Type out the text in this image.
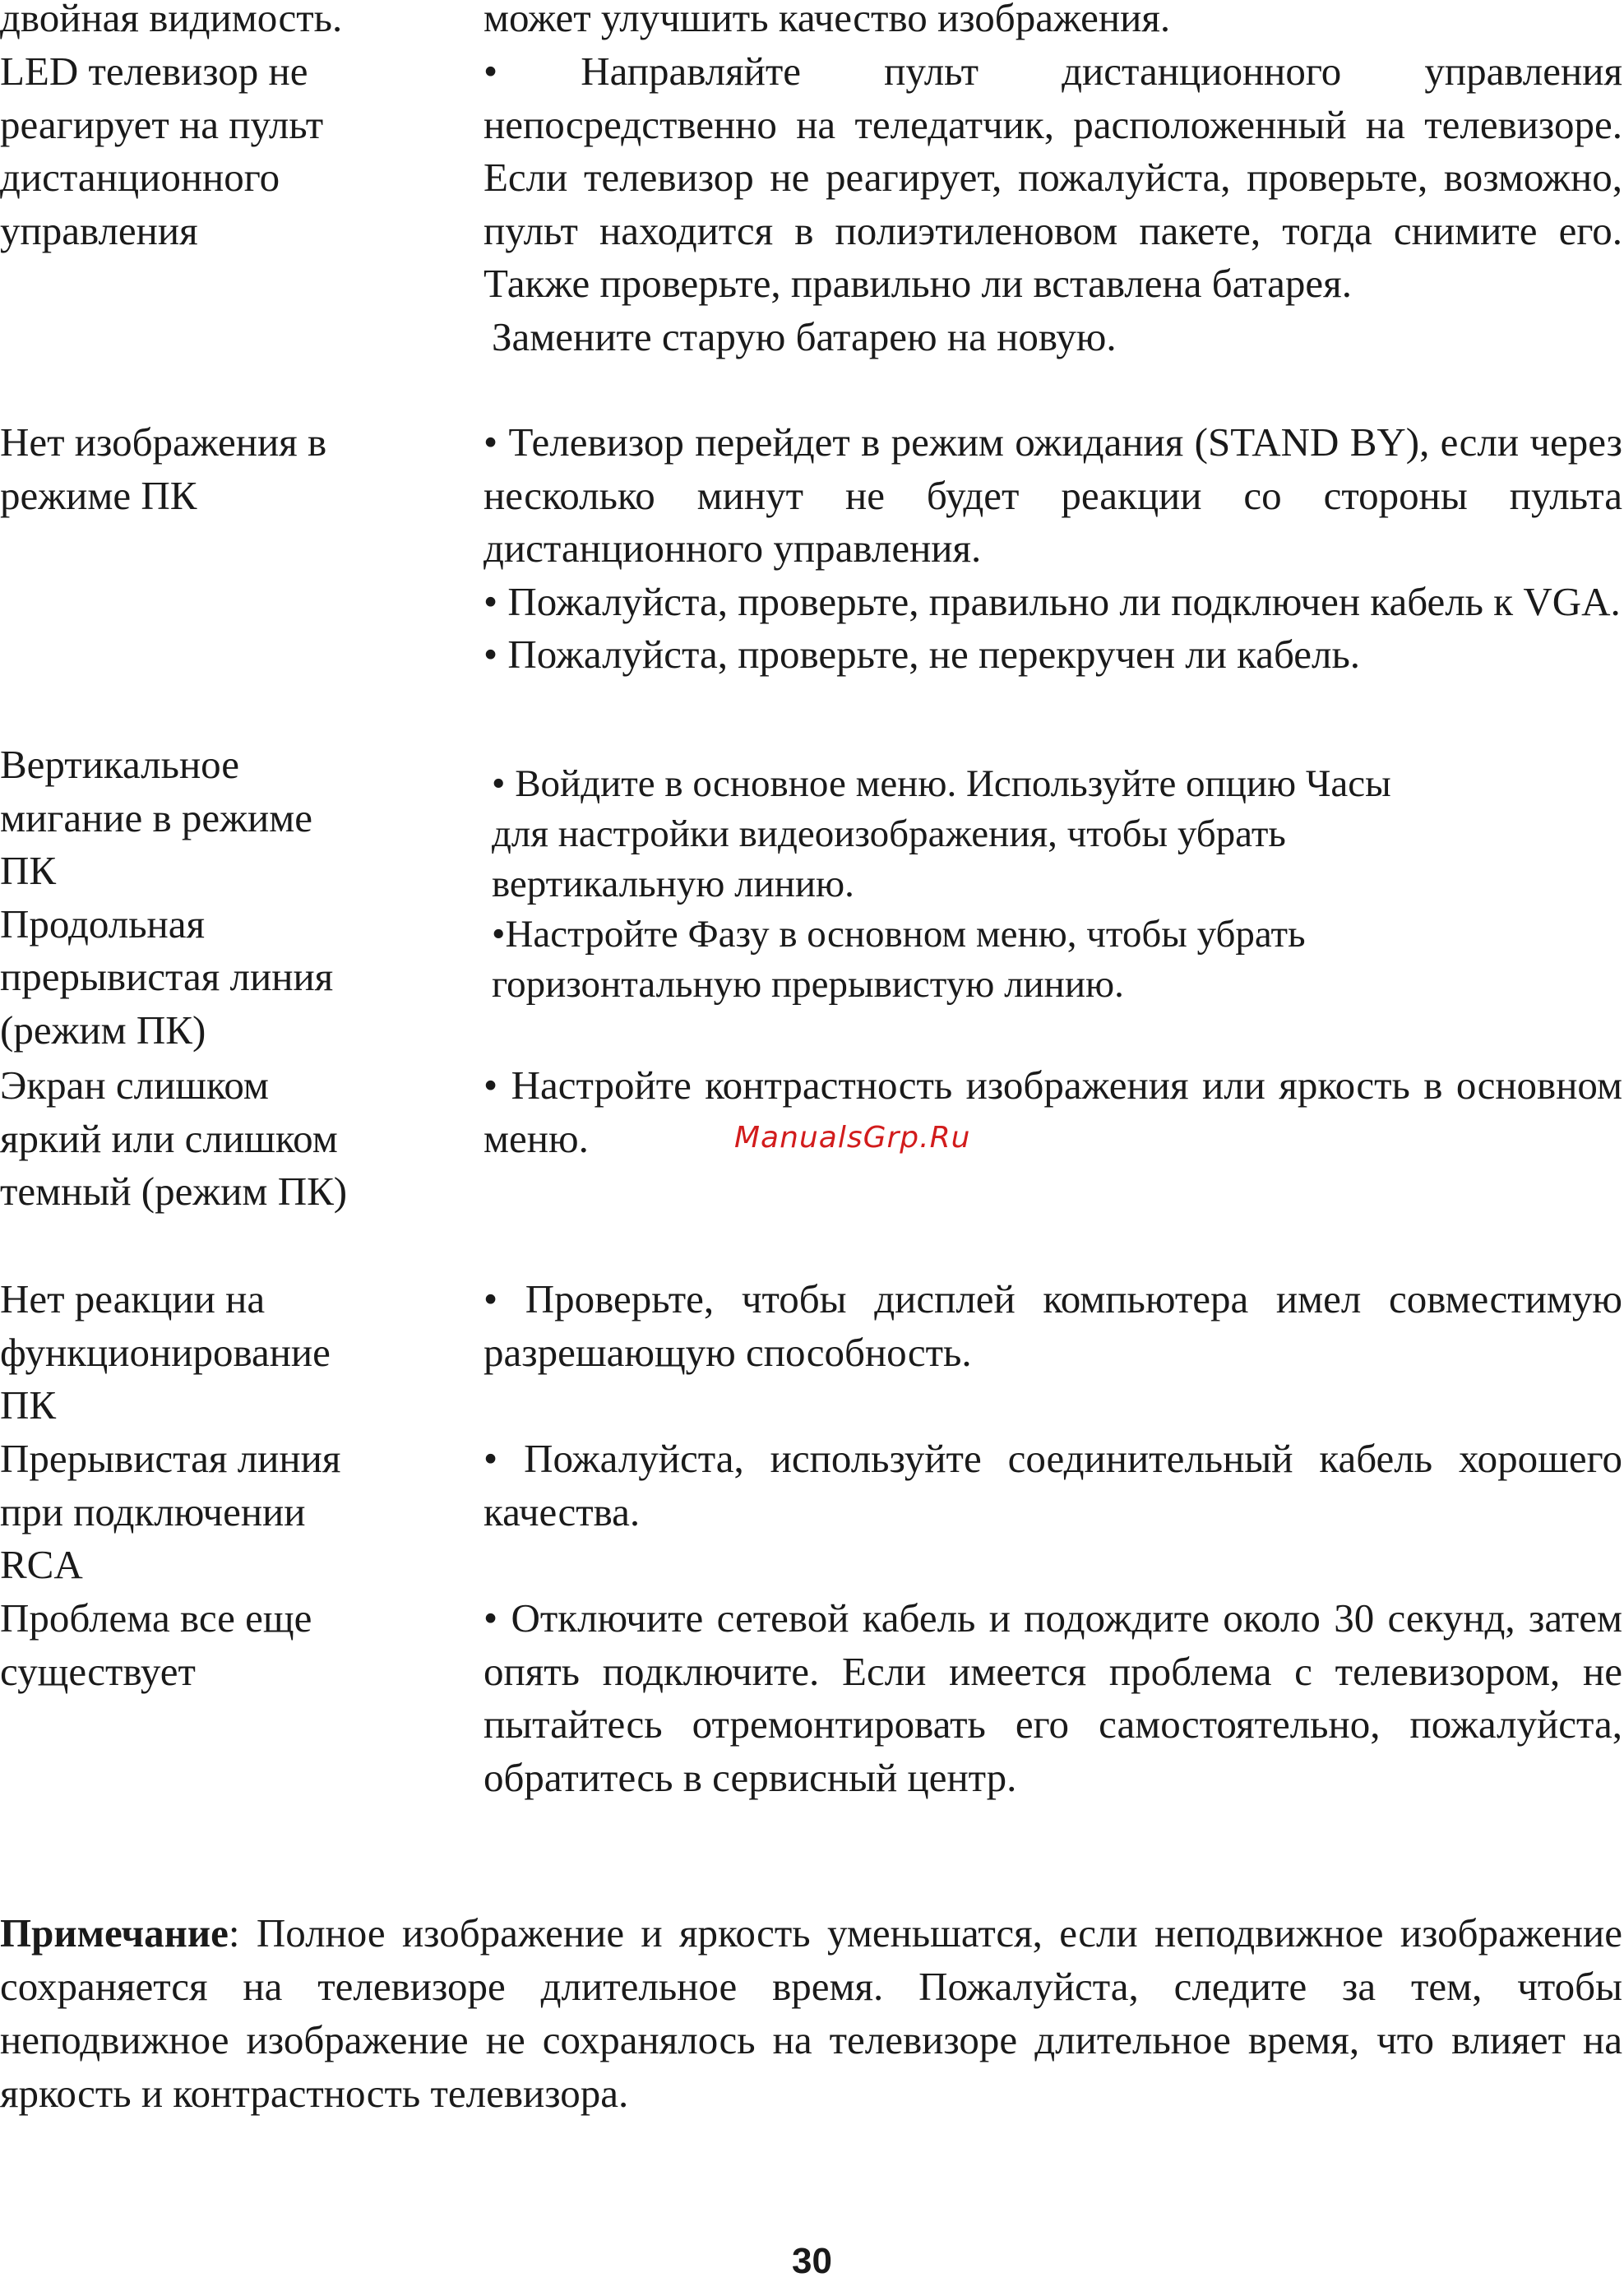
двойная видимость.	может улучшить качество изображения.

LED телевизор не
реагирует на пульт
дистанционного
управления

• Направляйте пульт дистанционного управления непосредственно на теледатчик, расположенный на телевизоре. Если телевизор не реагирует, пожалуйста, проверьте, возможно, пульт находится в полиэтиленовом пакете, тогда снимите его. Также проверьте, правильно ли вставлена батарея.

Замените старую батарею на новую.

Нет изображения в
режиме ПК

• Телевизор перейдет в режим ожидания (STAND BY), если через несколько минут не будет реакции со стороны пульта дистанционного управления.

• Пожалуйста, проверьте, правильно ли подключен кабель к VGA.

• Пожалуйста, проверьте, не перекручен ли кабель.

Вертикальное
мигание в режиме
ПК
Продольная
прерывистая линия
(режим ПК)

• Войдите в основное меню. Используйте опцию Часы
для настройки видеоизображения, чтобы убрать
вертикальную линию.

•Настройте Фазу в основном меню, чтобы убрать
горизонтальную прерывистую линию.

Экран слишком
яркий или слишком
темный (режим ПК)

• Настройте контрастность изображения или яркость в основном меню.

Нет реакции на
функционирование
ПК

• Проверьте, чтобы дисплей компьютера имел совместимую разрешающую способность.

Прерывистая линия
при подключении
RCA

• Пожалуйста, используйте соединительный кабель хорошего качества.

Проблема все еще
существует

• Отключите сетевой кабель и подождите около 30 секунд, затем опять подключите. Если имеется проблема с телевизором, не пытайтесь отремонтировать его самостоятельно, пожалуйста, обратитесь в сервисный центр.

Примечание: Полное изображение и яркость уменьшатся, если неподвижное изображение сохраняется на телевизоре длительное время. Пожалуйста, следите за тем, чтобы неподвижное изображение не сохранялось на телевизоре длительное время, что влияет на яркость и контрастность телевизора.
ManualsGrp.Ru
30
